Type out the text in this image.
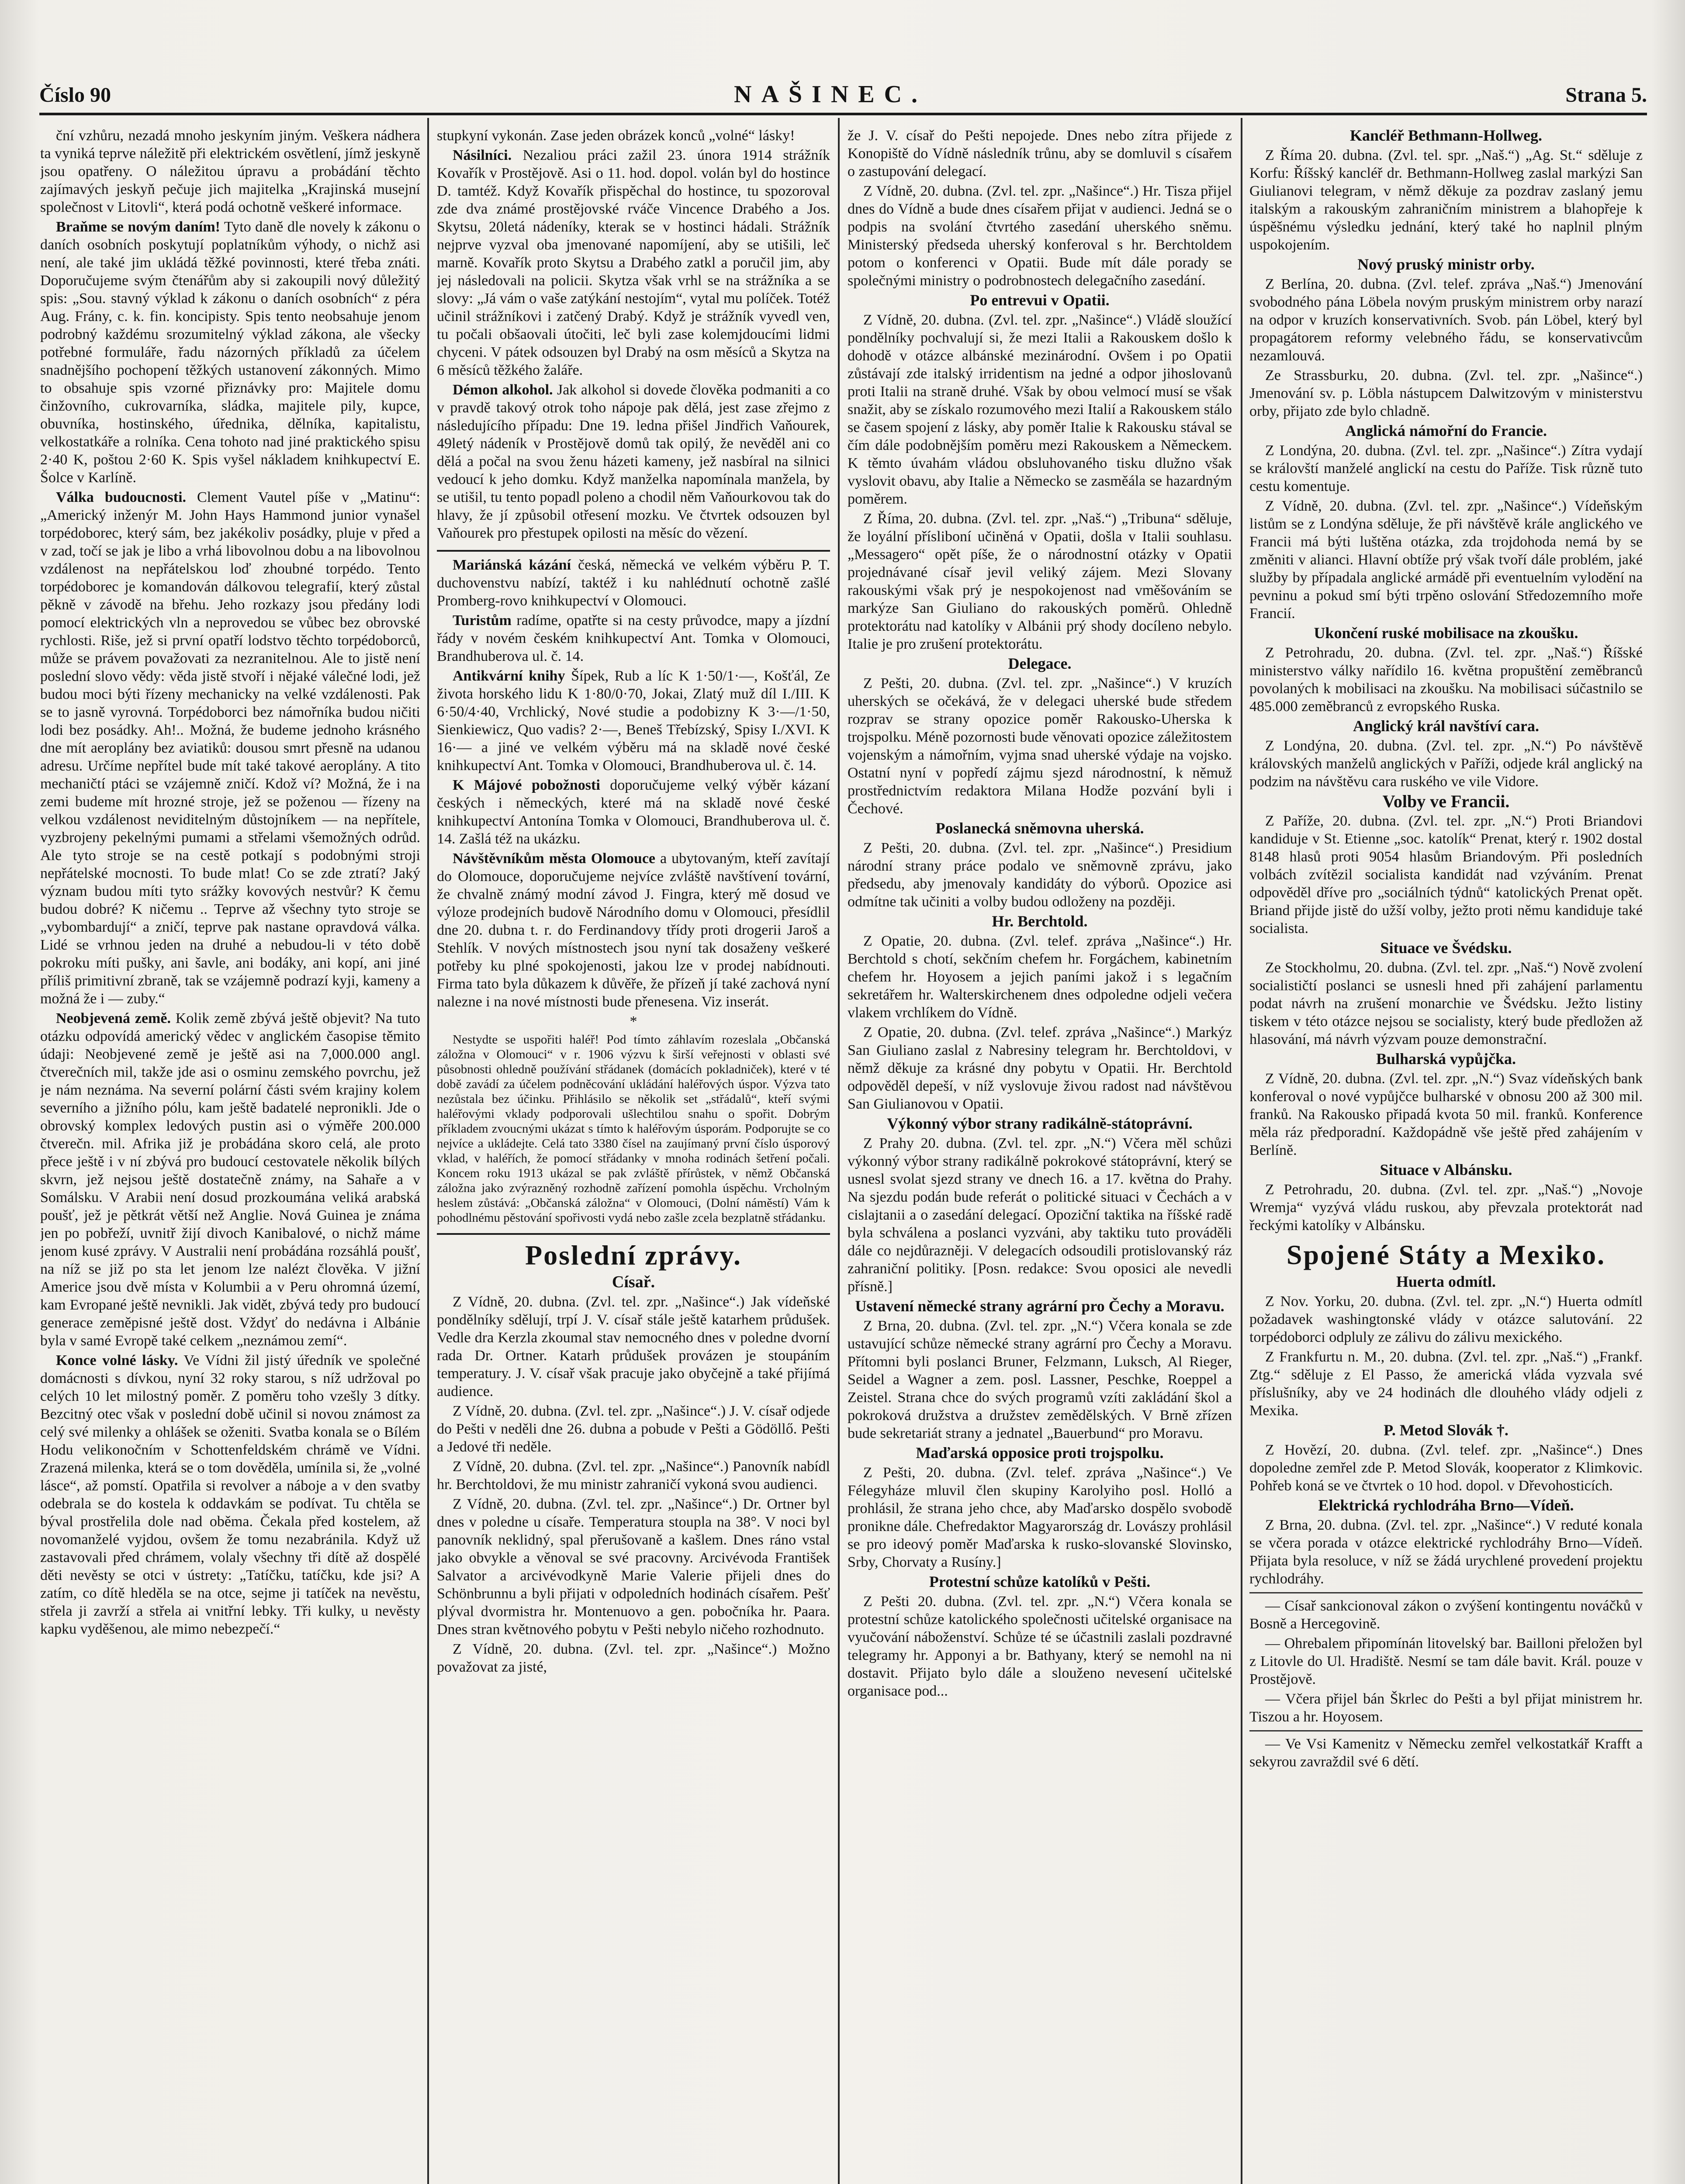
Číslo 90	NAŠINEC.	Strana 5.

ční vzhůru, nezadá mnoho jeskyním jiným. Veškera nádhera ta vyniká teprve náležitě při elektrickém osvětlení, jímž jeskyně jsou opatřeny. O náležitou úpravu a probádání těchto zajímavých jeskyň pečuje jich majitelka „Krajinská musejní společnost v Litovli“, která podá ochotně veškeré informace.

Braňme se novým daním! Tyto daně dle novely k zákonu o daních osobních poskytují poplatníkům výhody, o nichž asi není, ale také jim ukládá těžké povinnosti, které třeba znáti. Doporučujeme svým čtenářům aby si zakoupili nový důležitý spis: „Sou. stavný výklad k zákonu o daních osobních“ z péra Aug. Frány, c. k. fin. koncipisty. Spis tento neobsahuje jenom podrobný každému srozumitelný výklad zákona, ale všecky potřebné formuláře, řadu názorných příkladů za účelem snadnějšího pochopení těžkých ustanovení zákonných. Mimo to obsahuje spis vzorné přiznávky pro: Majitele domu činžovního, cukrovarníka, sládka, majitele pily, kupce, obuvníka, hostinského, úřednika, dělníka, kapitalistu, velkostatkáře a rolníka. Cena tohoto nad jiné praktického spisu 2·40 K, poštou 2·60 K. Spis vyšel nákladem knihkupectví E. Šolce v Karlíně.

Válka budoucnosti. Clement Vautel píše v „Matinu“: „Americký inženýr M. John Hays Hammond junior vynašel torpédoborec, který sám, bez jakékoliv posádky, pluje v před a v zad, točí se jak je libo a vrhá libovolnou dobu a na libovolnou vzdálenost na nepřátelskou loď zhoubné torpédo. Tento torpédoborec je komandován dálkovou telegrafií, který zůstal pěkně v závodě na břehu. Jeho rozkazy jsou předány lodi pomocí elektrických vln a neprovedou se vůbec bez obrovské rychlosti. Riše, jež si první opatří lodstvo těchto torpédoborců, může se právem považovati za nezranitelnou. Ale to jistě není poslední slovo vědy: věda jistě stvoří i nějaké válečné lodi, jež budou moci býti řízeny mechanicky na velké vzdálenosti. Pak se to jasně vyrovná. Torpédoborci bez námořníka budou ničiti lodi bez posádky. Ah!.. Možná, že budeme jednoho krásného dne mít aeroplány bez aviatiků: dousou smrt přesně na udanou adresu. Určíme nepřítel bude mít také takové aeroplány. A tito mechaničtí ptáci se vzájemně zničí. Kdož ví? Možná, že i na zemi budeme mít hrozné stroje, jež se poženou — řízeny na velkou vzdálenost neviditelným důstojníkem — na nepřítele, vyzbrojeny pekelnými pumami a střelami všemožných odrůd. Ale tyto stroje se na cestě potkají s podobnými stroji nepřátelské mocnosti. To bude mlat! Co se zde ztratí? Jaký význam budou míti tyto srážky kovových nestvůr? K čemu budou dobré? K ničemu .. Teprve až všechny tyto stroje se „vybombardují“ a zničí, teprve pak nastane opravdová válka. Lidé se vrhnou jeden na druhé a nebudou-li v této době pokroku míti pušky, ani šavle, ani bodáky, ani kopí, ani jiné příliš primitivní zbraně, tak se vzájemně podrazí kyji, kameny a možná že i — zuby.“

Neobjevená země. Kolik země zbývá ještě objevit? Na tuto otázku odpovídá americký vědec v anglickém časopise těmito údaji: Neobjevené země je ještě asi na 7,000.000 angl. čtverečních mil, takže jde asi o osminu zemského povrchu, jež je nám neznáma. Na severní polární části svém krajiny kolem severního a jižního pólu, kam ještě badatelé nepronikli. Jde o obrovský komplex ledových pustin asi o výměře 200.000 čtverečn. mil. Afrika již je probádána skoro celá, ale proto přece ještě i v ní zbývá pro budoucí cestovatele několik bílých skvrn, jež nejsou ještě dostatečně známy, na Sahaře a v Somálsku. V Arabii není dosud prozkoumána veliká arabská poušť, jež je pětkrát větší než Anglie. Nová Guinea je známa jen po pobřeží, uvnitř žijí divoch Kanibalové, o nichž máme jenom kusé zprávy. V Australii není probádána rozsáhlá poušť, na níž se již po sta let jenom lze nalézt člověka. V jižní Americe jsou dvě místa v Kolumbii a v Peru ohromná území, kam Evropané ještě nevnikli. Jak vidět, zbývá tedy pro budoucí generace zeměpisné ještě dost. Vždyť do nedávna i Albánie byla v samé Evropě také celkem „neznámou zemí“.

Konce volné lásky. Ve Vídni žil jistý úředník ve společné domácnosti s dívkou, nyní 32 roky starou, s níž udržoval po celých 10 let milostný poměr. Z poměru toho vzešly 3 dítky. Bezcitný otec však v poslední době učinil si novou známost za celý své milenky a ohlášek se oženiti. Svatba konala se o Bílém Hodu velikonočním v Schottenfeldském chrámě ve Vídni. Zrazená milenka, která se o tom dověděla, umínila si, že „volné lásce“, až pomstí. Opatřila si revolver a náboje a v den svatby odebrala se do kostela k oddavkám se podívat. Tu chtěla se býval prostřelila dole nad oběma. Čekala před kostelem, až novomanželé vyjdou, ovšem že tomu nezabránila. Když už zastavovali před chrámem, volaly všechny tři dítě až dospělé děti nevěsty se otci v ústrety: „Tatíčku, tatíčku, kde jsi? A zatím, co dítě hleděla se na otce, sejme ji tatíček na nevěstu, střela ji zavrží a střela ai vnitřní lebky. Tři kulky, u nevěsty kapku vyděšenou, ale mimo nebezpečí.“

stupkyní vykonán. Zase jeden obrázek konců „volné“ lásky!

Násilníci. Nezaliou práci zažil 23. února 1914 strážník Kovařík v Prostějově. Asi o 11. hod. dopol. volán byl do hostince D. tamtéž. Když Kovařík přispěchal do hostince, tu spozoroval zde dva známé prostějovské rváče Vincence Drabého a Jos. Skytsu, 20letá nádeníky, kterak se v hostinci hádali. Strážník nejprve vyzval oba jmenované napomíjení, aby se utišili, leč marně. Kovařík proto Skytsu a Drabého zatkl a poručil jim, aby jej následovali na policii. Skytza však vrhl se na strážníka a se slovy: „Já vám o vaše zatýkání nestojím“, vytal mu políček. Totéž učinil strážníkovi i zatčený Drabý. Když je strážník vyvedl ven, tu počali obšaovali útočiti, leč byli zase kolemjdoucími lidmi chyceni. V pátek odsouzen byl Drabý na osm měsíců a Skytza na 6 měsíců těžkého žaláře.

Démon alkohol. Jak alkohol si dovede člověka podmaniti a co v pravdě takový otrok toho nápoje pak dělá, jest zase zřejmo z následujícího případu: Dne 19. ledna přišel Jindřich Vaňourek, 49letý nádeník v Prostějově domů tak opilý, že nevěděl ani co dělá a počal na svou ženu házeti kameny, jež nasbíral na silnici vedoucí k jeho domku. Když manželka napomínala manžela, by se utišil, tu tento popadl poleno a chodil něm Vaňourkovou tak do hlavy, že jí způsobil otřesení mozku. Ve čtvrtek odsouzen byl Vaňourek pro přestupek opilosti na měsíc do vězení.

Mariánská kázání česká, německá ve velkém výběru P. T. duchovenstvu nabízí, taktéž i ku nahlédnutí ochotně zašlé Promberg-rovo knihkupectví v Olomouci.

Turistům radíme, opatřte si na cesty průvodce, mapy a jízdní řády v novém českém knihkupectví Ant. Tomka v Olomouci, Brandhuberova ul. č. 14.

Antikvární knihy Šípek, Rub a líc K 1·50/1·—, Košťál, Ze života horského lidu K 1·80/0·70, Jokai, Zlatý muž díl I./III. K 6·50/4·40, Vrchlický, Nové studie a podobizny K 3·—/1·50, Sienkiewicz, Quo vadis? 2·—, Beneš Třebízský, Spisy I./XVI. K 16·— a jiné ve velkém výběru má na skladě nové české knihkupectví Ant. Tomka v Olomouci, Brandhuberova ul. č. 14.

K Májové pobožnosti doporučujeme velký výběr kázaní českých i německých, které má na skladě nové české knihkupectví Antonína Tomka v Olomouci, Brandhuberova ul. č. 14. Zašlá též na ukázku.

Návštěvníkům města Olomouce a ubytovaným, kteří zavítají do Olomouce, doporučujeme nejvíce zvláště navštívení tovární, že chvalně známý modní závod J. Fingra, který mě dosud ve výloze prodejních budově Národního domu v Olomouci, přesídlil dne 20. dubna t. r. do Ferdinandovy třídy proti drogerii Jaroš a Stehlík. V nových místnostech jsou nyní tak dosaženy veškeré potřeby ku plné spokojenosti, jakou lze v prodej nabídnouti. Firma tato byla důkazem k důvěře, že přízeň jí také zachová nyní nalezne i na nové místnosti bude přenesena. Viz inserát.

*

Nestydte se uspořiti haléř! Pod tímto záhlavím rozeslala „Občanská záložna v Olomouci“ v r. 1906 výzvu k širší veřejnosti v oblasti své působnosti ohledně používání střádanek (domácích pokladniček), které v té době zavádí za účelem podněcování ukládání haléřových úspor. Výzva tato nezůstala bez účinku. Přihlásilo se několik set „střádalů“, kteří svými haléřovými vklady podporovali ušlechtilou snahu o spořit. Dobrým příkladem zvoucnými ukázat s tímto k haléřovým úsporám. Podporujte se co nejvíce a ukládejte. Celá tato 3380 čísel na zaujímaný první číslo úsporový vklad, v haléřích, že pomocí střádanky v mnoha rodinách šetření počali. Koncem roku 1913 ukázal se pak zvláště přírůstek, v němž Občanská záložna jako zvýrazněný rozhodně zařízení pomohla úspěchu. Vrcholným heslem zůstává: „Občanská záložna“ v Olomouci, (Dolní náměstí) Vám k pohodlnému pěstování spořivosti vydá nebo zašle zcela bezplatně střádanku.

Poslední zprávy.

Císař.

Z Vídně, 20. dubna. (Zvl. tel. zpr. „Našince“.) Jak vídeňské pondělníky sdělují, trpí J. V. císař stále ještě katarhem průdušek. Vedle dra Kerzla zkoumal stav nemocného dnes v poledne dvorní rada Dr. Ortner. Katarh průdušek provázen je stoupáním temperatury. J. V. císař však pracuje jako obyčejně a také přijímá audience.

Z Vídně, 20. dubna. (Zvl. tel. zpr. „Našince“.) J. V. císař odjede do Pešti v neděli dne 26. dubna a pobude v Pešti a Gödöllő. Pešti a Jedové tři neděle.

Z Vídně, 20. dubna. (Zvl. tel. zpr. „Našince“.) Panovník nabídl hr. Berchtoldovi, že mu ministr zahraničí vykoná svou audienci.

Z Vídně, 20. dubna. (Zvl. tel. zpr. „Našince“.) Dr. Ortner byl dnes v poledne u císaře. Temperatura stoupla na 38°. V noci byl panovník neklidný, spal přerušovaně a kašlem. Dnes ráno vstal jako obvykle a věnoval se své pracovny. Arcivévoda František Salvator a arcivévodkyně Marie Valerie přijeli dnes do Schönbrunnu a byli přijati v odpoledních hodinách císařem. Pešť plýval dvormistra hr. Montenuovo a gen. pobočníka hr. Paara. Dnes stran květnového pobytu v Pešti nebylo ničeho rozhodnuto.

Z Vídně, 20. dubna. (Zvl. tel. zpr. „Našince“.) Možno považovat za jisté,

že J. V. císař do Pešti nepojede. Dnes nebo zítra přijede z Konopiště do Vídně následník trůnu, aby se domluvil s císařem o zastupování delegací.

Z Vídně, 20. dubna. (Zvl. tel. zpr. „Našince“.) Hr. Tisza přijel dnes do Vídně a bude dnes císařem přijat v audienci. Jedná se o podpis na svolání čtvrtého zasedání uherského sněmu. Ministerský předseda uherský konferoval s hr. Berchtoldem potom o konferenci v Opatii. Bude mít dále porady se společnými ministry o podrobnostech delegačního zasedání.

Po entrevui v Opatii.

Z Vídně, 20. dubna. (Zvl. tel. zpr. „Našince“.) Vládě sloužící pondělníky pochvalují si, že mezi Italii a Rakouskem došlo k dohodě v otázce albánské mezinárodní. Ovšem i po Opatii zůstávají zde italský irridentism na jedné a odpor jihoslovanů proti Italii na straně druhé. Však by obou velmocí musí se však snažit, aby se získalo rozumového mezi Italií a Rakouskem stálo se časem spojení z lásky, aby poměr Italie k Rakousku stával se čím dále podobnějším poměru mezi Rakouskem a Německem. K těmto úvahám vládou obsluhovaného tisku dlužno však vyslovit obavu, aby Italie a Německo se zasměála se hazardným poměrem.

Z Říma, 20. dubna. (Zvl. tel. zpr. „Naš.“) „Tribuna“ sděluje, že loyální přísliboní učiněná v Opatii, došla v Italii souhlasu. „Messagero“ opět píše, že o národnostní otázky v Opatii projednávané císař jevil veliký zájem. Mezi Slovany rakouskými však prý je nespokojenost nad vměšováním se markýze San Giuliano do rakouských poměrů. Ohledně protektorátu nad katolíky v Albánii prý shody docíleno nebylo. Italie je pro zrušení protektorátu.

Delegace.

Z Pešti, 20. dubna. (Zvl. tel. zpr. „Našince“.) V kruzích uherských se očekává, že v delegaci uherské bude středem rozprav se strany opozice poměr Rakousko-Uherska k trojspolku. Méně pozornosti bude věnovati opozice záležitostem vojenským a námořním, vyjma snad uherské výdaje na vojsko. Ostatní nyní v popředí zájmu sjezd národnostní, k němuž prostřednictvím redaktora Milana Hodže pozvání byli i Čechové.

Poslanecká sněmovna uherská.

Z Pešti, 20. dubna. (Zvl. tel. zpr. „Našince“.) Presidium národní strany práce podalo ve sněmovně zprávu, jako předsedu, aby jmenovaly kandidáty do výborů. Opozice asi odmítne tak učiniti a volby budou odloženy na později.

Hr. Berchtold.

Z Opatie, 20. dubna. (Zvl. telef. zpráva „Našince“.) Hr. Berchtold s chotí, sekčním chefem hr. Forgáchem, kabinetním chefem hr. Hoyosem a jejich paními jakož i s legačním sekretářem hr. Walterskirchenem dnes odpoledne odjeli večera vlakem vrchlíkem do Vídně.

Z Opatie, 20. dubna. (Zvl. telef. zpráva „Našince“.) Markýz San Giuliano zaslal z Nabresiny telegram hr. Berchtoldovi, v němž děkuje za krásné dny pobytu v Opatii. Hr. Berchtold odpověděl depeší, v níž vyslovuje živou radost nad návštěvou San Giulianovou v Opatii.

Výkonný výbor strany radikálně-státoprávní.

Z Prahy 20. dubna. (Zvl. tel. zpr. „N.“) Včera měl schůzi výkonný výbor strany radikálně pokrokové státoprávní, který se usnesl svolat sjezd strany ve dnech 16. a 17. května do Prahy. Na sjezdu podán bude referát o politické situaci v Čechách a v cislajtanii a o zasedání delegací. Opoziční taktika na říšské radě byla schválena a poslanci vyzváni, aby taktiku tuto prováděli dále co nejdůrazněji. V delegacích odsoudili protislovanský ráz zahraniční politiky. [Posn. redakce: Svou oposici ale nevedli přísně.]

Ustavení německé strany agrární pro Čechy a Moravu.

Z Brna, 20. dubna. (Zvl. tel. zpr. „N.“) Včera konala se zde ustavující schůze německé strany agrární pro Čechy a Moravu. Přítomni byli poslanci Bruner, Felzmann, Luksch, Al Rieger, Seidel a Wagner a zem. posl. Lassner, Peschke, Roeppel a Zeistel. Strana chce do svých programů vzíti zakládání škol a pokroková družstva a družstev zemědělských. V Brně zřízen bude sekretariát strany a jednatel „Bauerbund“ pro Moravu.

Maďarská opposice proti trojspolku.

Z Pešti, 20. dubna. (Zvl. telef. zpráva „Našince“.) Ve Félegyháze mluvil člen skupiny Karolyiho posl. Holló a prohlásil, že strana jeho chce, aby Maďarsko dospělo svobodě pronikne dále. Chefredaktor Magyarország dr. Lovászy prohlásil se pro ideový poměr Maďarska k rusko-slovanské Slovinsko, Srby, Chorvaty a Rusíny.]

Protestní schůze katolíků v Pešti.

Z Pešti 20. dubna. (Zvl. tel. zpr. „N.“) Včera konala se protestní schůze katolického společnosti učitelské organisace na vyučování náboženství. Schůze té se účastnili zaslali pozdravné telegramy hr. Apponyi a br. Bathyany, který se nemohl na ni dostavit. Přijato bylo dále a slouženo nevesení učitelské organisace pod...

Kancléř Bethmann-Hollweg.

Z Říma 20. dubna. (Zvl. tel. spr. „Naš.“) „Ag. St.“ sděluje z Korfu: Říšský kancléř dr. Bethmann-Hollweg zaslal markýzi San Giulianovi telegram, v němž děkuje za pozdrav zaslaný jemu italským a rakouským zahraničním ministrem a blahopřeje k úspěšnému výsledku jednání, který také ho naplnil plným uspokojením.

Nový pruský ministr orby.

Z Berlína, 20. dubna. (Zvl. telef. zpráva „Naš.“) Jmenování svobodného pána Löbela novým pruským ministrem orby narazí na odpor v kruzích konservativních. Svob. pán Löbel, který byl propagátorem reformy velebného řádu, se konservativcům nezamlouvá.

Ze Strassburku, 20. dubna. (Zvl. tel. zpr. „Našince“.) Jmenování sv. p. Löbla nástupcem Dalwitzovým v ministerstvu orby, přijato zde bylo chladně.

Anglická námořní do Francie.

Z Londýna, 20. dubna. (Zvl. tel. zpr. „Našince“.) Zítra vydají se královští manželé anglickí na cestu do Paříže. Tisk různě tuto cestu komentuje.

Z Vídně, 20. dubna. (Zvl. tel. zpr. „Našince“.) Vídeňským listům se z Londýna sděluje, že při návštěvě krále anglického ve Francii má býti luštěna otázka, zda trojdohoda nemá by se změniti v alianci. Hlavní obtíže prý však tvoří dále problém, jaké služby by případala anglické armádě při eventuelním vylodění na pevninu a pokud smí býti trpěno oslování Středozemního moře Francií.

Ukončení ruské mobilisace na zkoušku.

Z Petrohradu, 20. dubna. (Zvl. tel. zpr. „Naš.“) Říšské ministerstvo války nařídilo 16. května propuštění zeměbranců povolaných k mobilisaci na zkoušku. Na mobilisaci súčastnilo se 485.000 zeměbranců z evropského Ruska.

Anglický král navštíví cara.

Z Londýna, 20. dubna. (Zvl. tel. zpr. „N.“) Po návštěvě královských manželů anglických v Paříži, odjede král anglický na podzim na návštěvu cara ruského ve vile Vidore.

Volby ve Francii.

Z Paříže, 20. dubna. (Zvl. tel. zpr. „N.“) Proti Briandovi kandiduje v St. Etienne „soc. katolík“ Prenat, který r. 1902 dostal 8148 hlasů proti 9054 hlasům Briandovým. Při posledních volbách zvítězil socialista kandidát nad vzýváním. Prenat odpověděl dříve pro „sociálních týdnů“ katolických Prenat opět. Briand přijde jistě do užší volby, ježto proti němu kandiduje také socialista.

Situace ve Švédsku.

Ze Stockholmu, 20. dubna. (Zvl. tel. zpr. „Naš.“) Nově zvolení socialističtí poslanci se usnesli hned při zahájení parlamentu podat návrh na zrušení monarchie ve Švédsku. Ježto listiny tiskem v této otázce nejsou se socialisty, který bude předložen až hlasování, má návrh výzvam pouze demonstrační.

Bulharská vypůjčka.

Z Vídně, 20. dubna. (Zvl. tel. zpr. „N.“) Svaz vídeňských bank konferoval o nové vypůjčce bulharské v obnosu 200 až 300 mil. franků. Na Rakousko připadá kvota 50 mil. franků. Konference měla ráz předporadní. Každopádně vše ještě před zahájením v Berlíně.

Situace v Albánsku.

Z Petrohradu, 20. dubna. (Zvl. tel. zpr. „Naš.“) „Novoje Wremja“ vyzývá vládu ruskou, aby převzala protektorát nad řeckými katolíky v Albánsku.

Spojené Státy a Mexiko.

Huerta odmítl.

Z Nov. Yorku, 20. dubna. (Zvl. tel. zpr. „N.“) Huerta odmítl požadavek washingtonské vlády v otázce salutování. 22 torpédoborci odpluly ze zálivu do zálivu mexického.

Z Frankfurtu n. M., 20. dubna. (Zvl. tel. zpr. „Naš.“) „Frankf. Ztg.“ sděluje z El Passo, že americká vláda vyzvala své příslušníky, aby ve 24 hodinách dle dlouhého vlády odjeli z Mexika.

P. Metod Slovák †.

Z Hovězí, 20. dubna. (Zvl. telef. zpr. „Našince“.) Dnes dopoledne zemřel zde P. Metod Slovák, kooperator z Klimkovic. Pohřeb koná se ve čtvrtek o 10 hod. dopol. v Dřevohosticích.

Elektrická rychlodráha Brno—Vídeň.

Z Brna, 20. dubna. (Zvl. tel. zpr. „Našince“.) V reduté konala se včera porada v otázce elektrické rychlodráhy Brno—Vídeň. Přijata byla resoluce, v níž se žádá urychlené provedení projektu rychlodráhy.

— Císař sankcionoval zákon o zvýšení kontingentu nováčků v Bosně a Hercegovině.

— Ohrebalem připomínán litovelský bar. Bailloni přeložen byl z Litovle do Ul. Hradiště. Nesmí se tam dále bavit. Král. pouze v Prostějově.

— Včera přijel bán Škrlec do Pešti a byl přijat ministrem hr. Tiszou a hr. Hoyosem.

— Ve Vsi Kamenitz v Německu zemřel velkostatkář Krafft a sekyrou zavraždil své 6 dětí.
